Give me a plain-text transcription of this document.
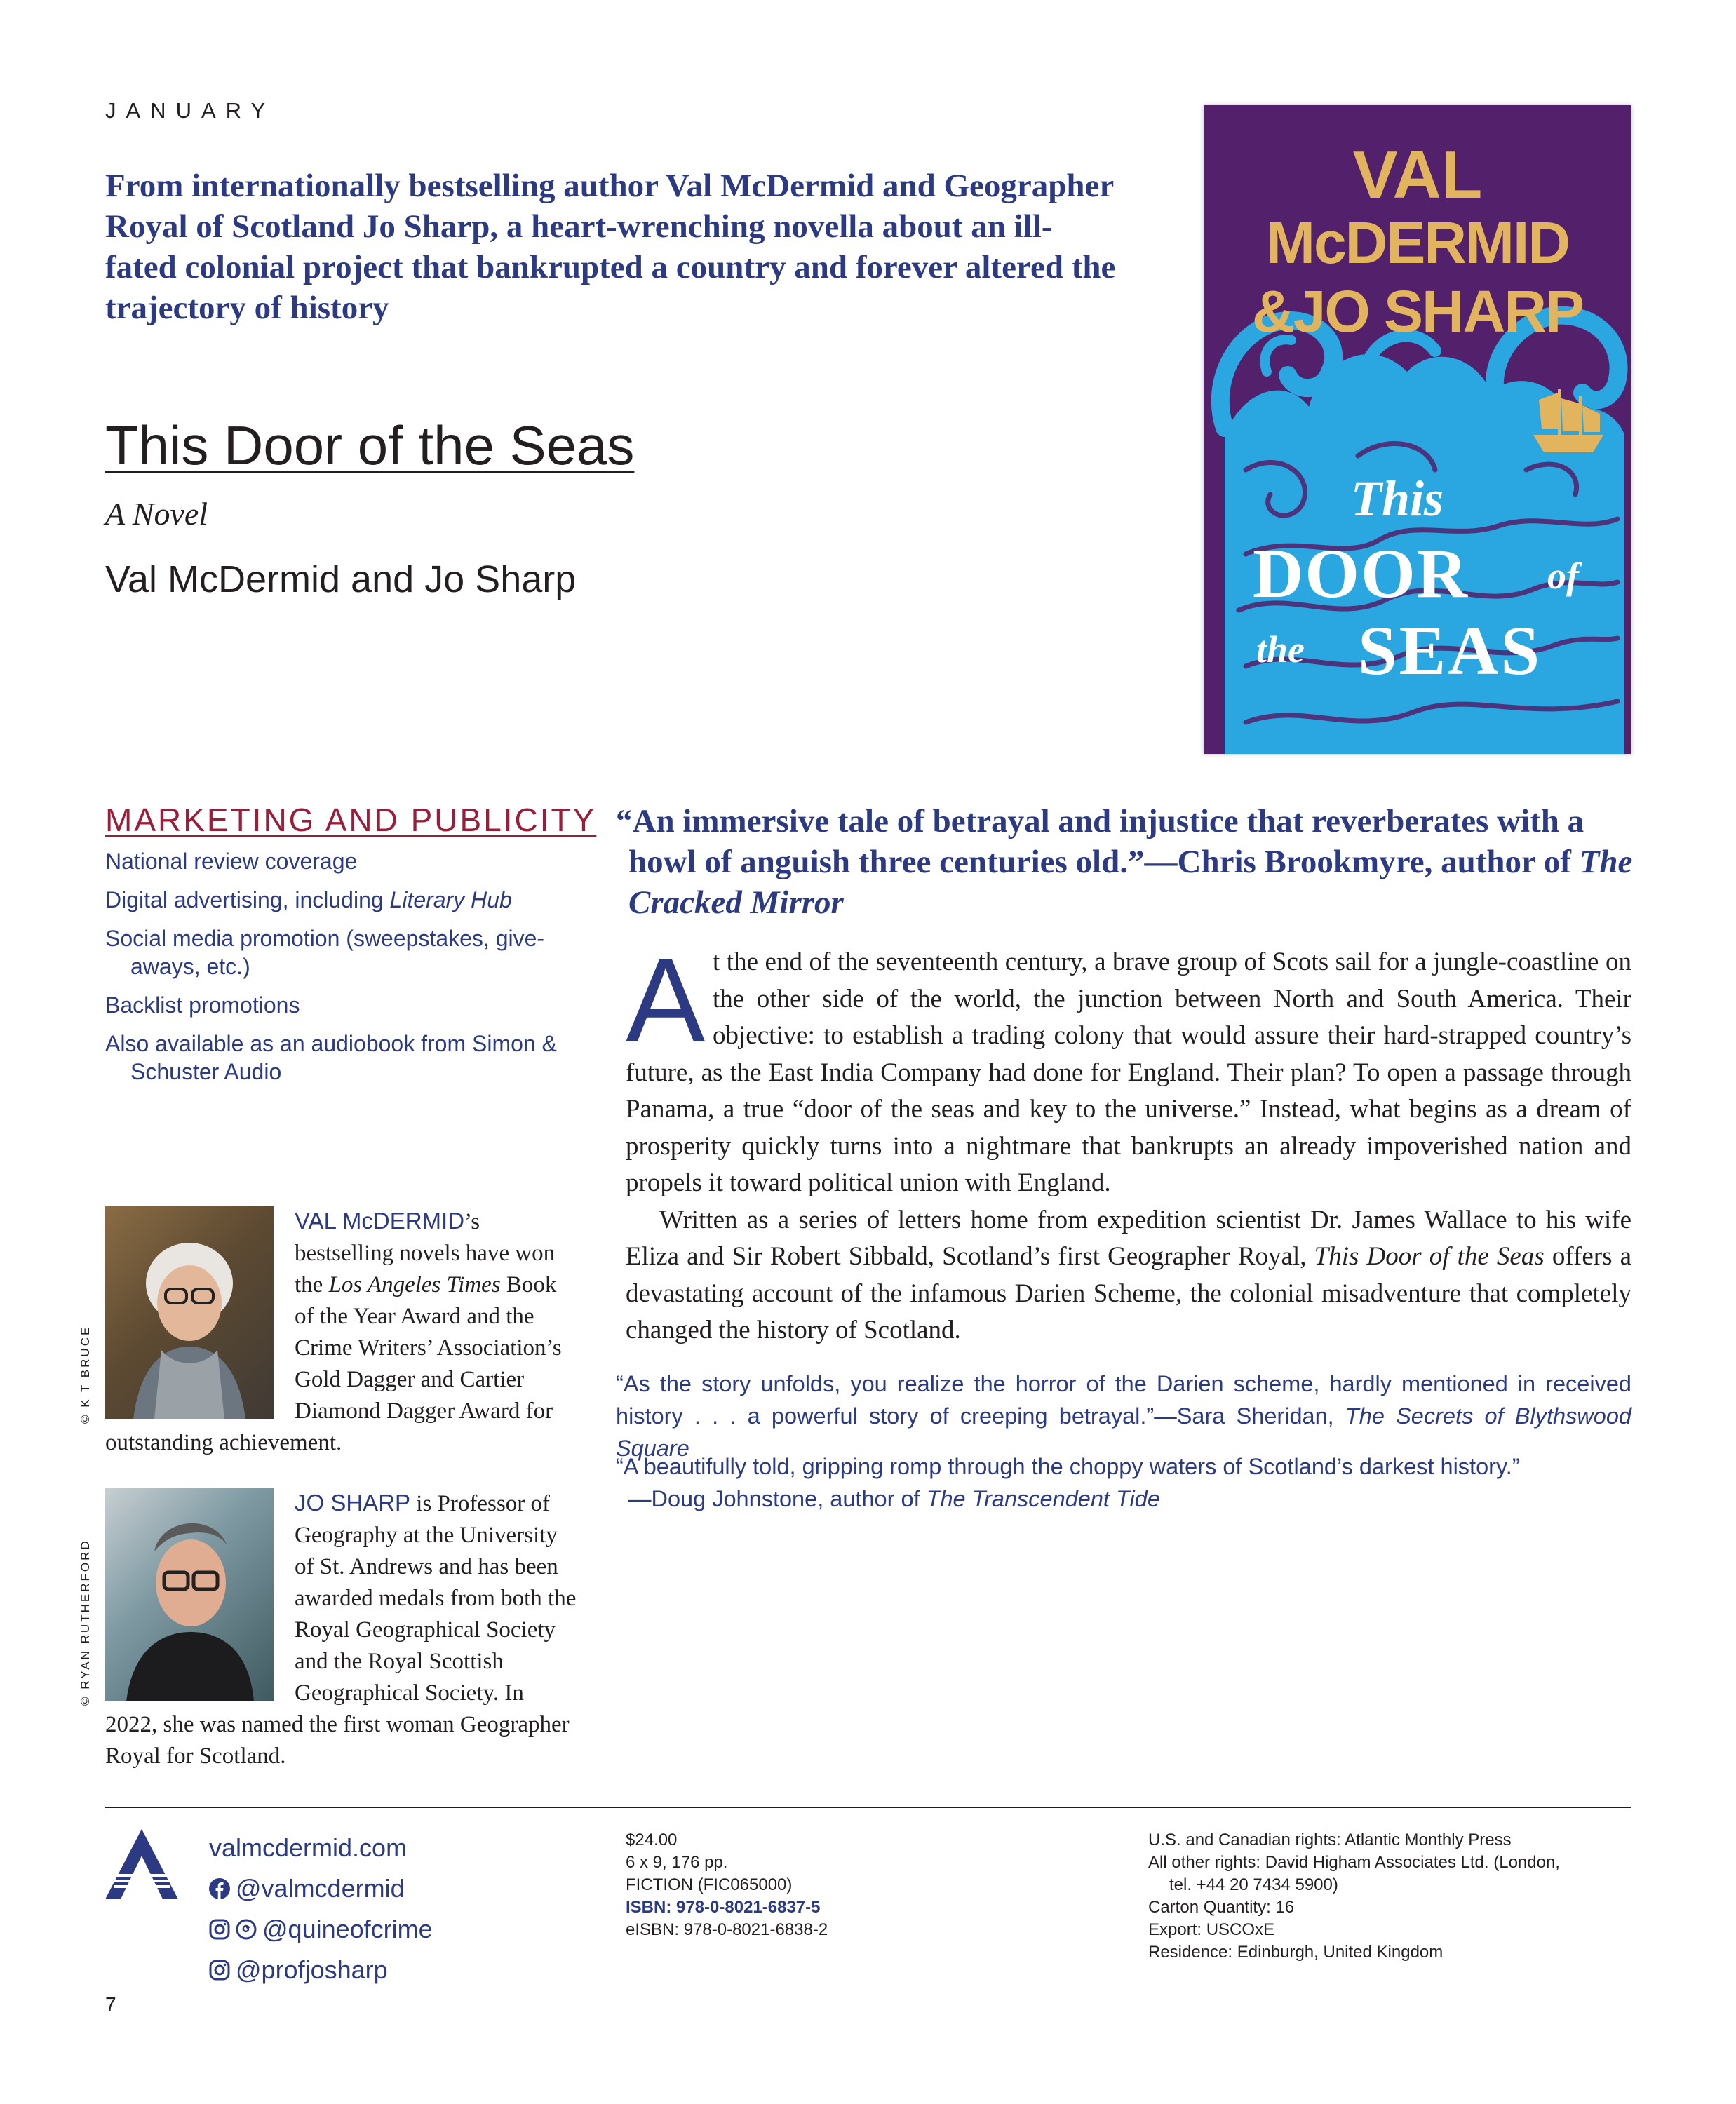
JANUARY
From internationally bestselling author Val McDermid and Geographer Royal of Scotland Jo Sharp, a heart-wrenching novella about an ill-fated colonial project that bankrupted a country and forever altered the trajectory of history
This Door of the Seas
A Novel
Val McDermid and Jo Sharp
VAL
McDERMID
&JO SHARP
This
DOOR of
the SEAS
MARKETING AND PUBLICITY
National review coverage
Digital advertising, including Literary Hub
Social media promotion (sweepstakes, give-aways, etc.)
Backlist promotions
Also available as an audiobook from Simon & Schuster Audio
“An immersive tale of betrayal and injustice that reverberates with a howl of anguish three centuries old.”—Chris Brookmyre, author of The Cracked Mirror

At the end of the seventeenth century, a brave group of Scots sail for a jungle-coastline on the other side of the world, the junction between North and South America. Their objective: to establish a trading colony that would assure their hard-strapped country’s future, as the East India Company had done for England. Their plan? To open a passage through Panama, a true “door of the seas and key to the universe.” Instead, what begins as a dream of prosperity quickly turns into a nightmare that bankrupts an already impoverished nation and propels it toward political union with England.

Written as a series of letters home from expedition scientist Dr. James Wallace to his wife Eliza and Sir Robert Sibbald, Scotland’s first Geographer Royal, This Door of the Seas offers a devastating account of the infamous Darien Scheme, the colonial misadventure that completely changed the history of Scotland.

“As the story unfolds, you realize the horror of the Darien scheme, hardly mentioned in received history . . . a powerful story of creeping betrayal.”—Sara Sheridan, The Secrets of Blythswood Square
“A beautifully told, gripping romp through the choppy waters of Scotland’s darkest history.”
—Doug Johnstone, author of The Transcendent Tide
© K T BRUCE
VAL McDERMID’s bestselling novels have won the Los Angeles Times Book of the Year Award and the Crime Writers’ Association’s Gold Dagger and Cartier Diamond Dagger Award for outstanding achievement.
© RYAN RUTHERFORD
JO SHARP is Professor of Geography at the University of St. Andrews and has been awarded medals from both the Royal Geographical Society and the Royal Scottish Geographical Society. In 2022, she was named the first woman Geographer Royal for Scotland.
valmcdermid.com
@valmcdermid
@quineofcrime
@profjosharp
$24.00
6 x 9, 176 pp.
FICTION (FIC065000)
ISBN: 978-0-8021-6837-5
eISBN: 978-0-8021-6838-2
U.S. and Canadian rights: Atlantic Monthly Press
All other rights: David Higham Associates Ltd. (London,
tel. +44 20 7434 5900)
Carton Quantity: 16
Export: USCOxE
Residence: Edinburgh, United Kingdom
7
